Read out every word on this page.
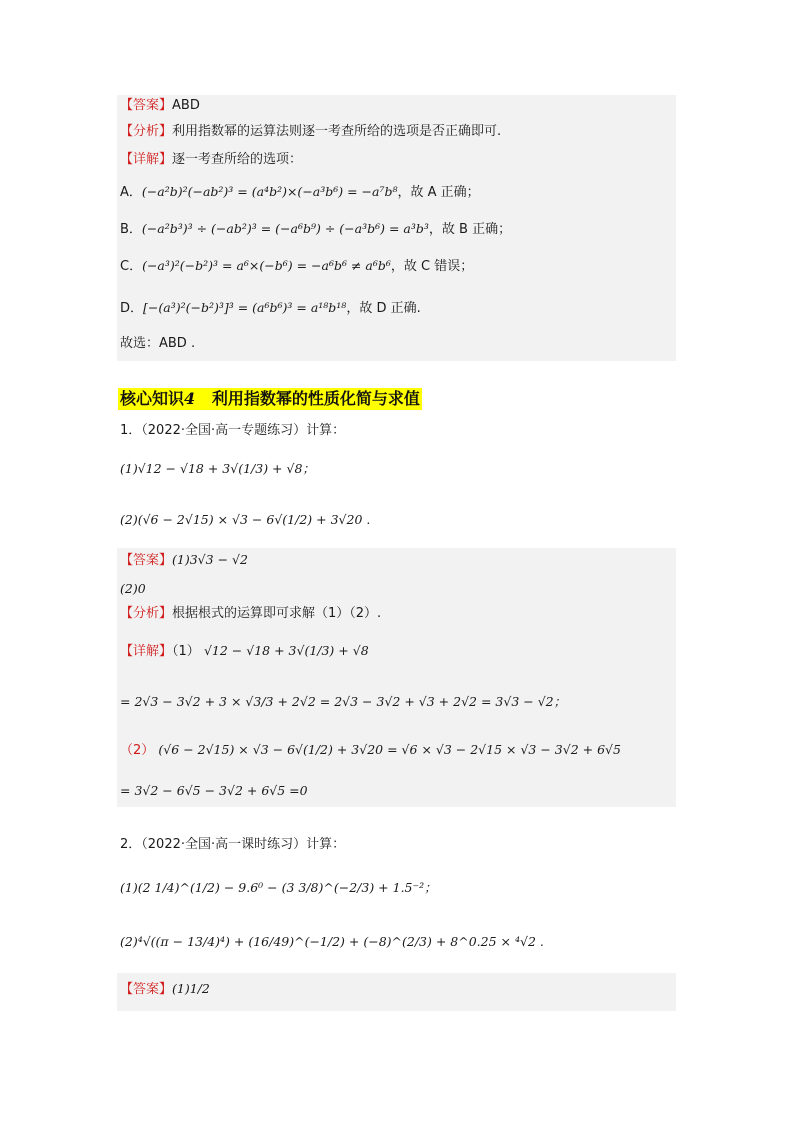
【答案】ABD
【分析】利用指数幂的运算法则逐一考查所给的选项是否正确即可.
【详解】逐一考查所给的选项：
A．(−a²b)²(−ab²)³ = (a⁴b²)×(−a³b⁶) = −a⁷b⁸，故 A 正确；
B．(−a²b³)³ ÷ (−ab²)³ = (−a⁶b⁹) ÷ (−a³b⁶) = a³b³，故 B 正确；
C．(−a³)²(−b²)³ = a⁶×(−b⁶) = −a⁶b⁶ ≠ a⁶b⁶，故 C 错误；
D．[−(a³)²(−b²)³]³ = (a⁶b⁶)³ = a¹⁸b¹⁸，故 D 正确.
故选：ABD .
核心知识4 利用指数幂的性质化简与求值
1．（2022·全国·高一专题练习）计算：
(1)√12 − √18 + 3√(1/3) + √8；
(2)(√6 − 2√15) × √3 − 6√(1/2) + 3√20 .
【答案】(1)3√3 − √2
(2)0
【分析】根据根式的运算即可求解（1）（2）.
【详解】（1） √12 − √18 + 3√(1/3) + √8
= 2√3 − 3√2 + 3 × √3/3 + 2√2 = 2√3 − 3√2 + √3 + 2√2 = 3√3 − √2；
（2） (√6 − 2√15) × √3 − 6√(1/2) + 3√20 = √6 × √3 − 2√15 × √3 − 3√2 + 6√5
= 3√2 − 6√5 − 3√2 + 6√5 =0
2．（2022·全国·高一课时练习）计算：
(1)(2 1/4)^(1/2) − 9.6⁰ − (3 3/8)^(−2/3) + 1.5⁻²；
(2)⁴√((π − 13/4)⁴) + (16/49)^(−1/2) + (−8)^(2/3) + 8^0.25 × ⁴√2 .
【答案】(1)1/2
